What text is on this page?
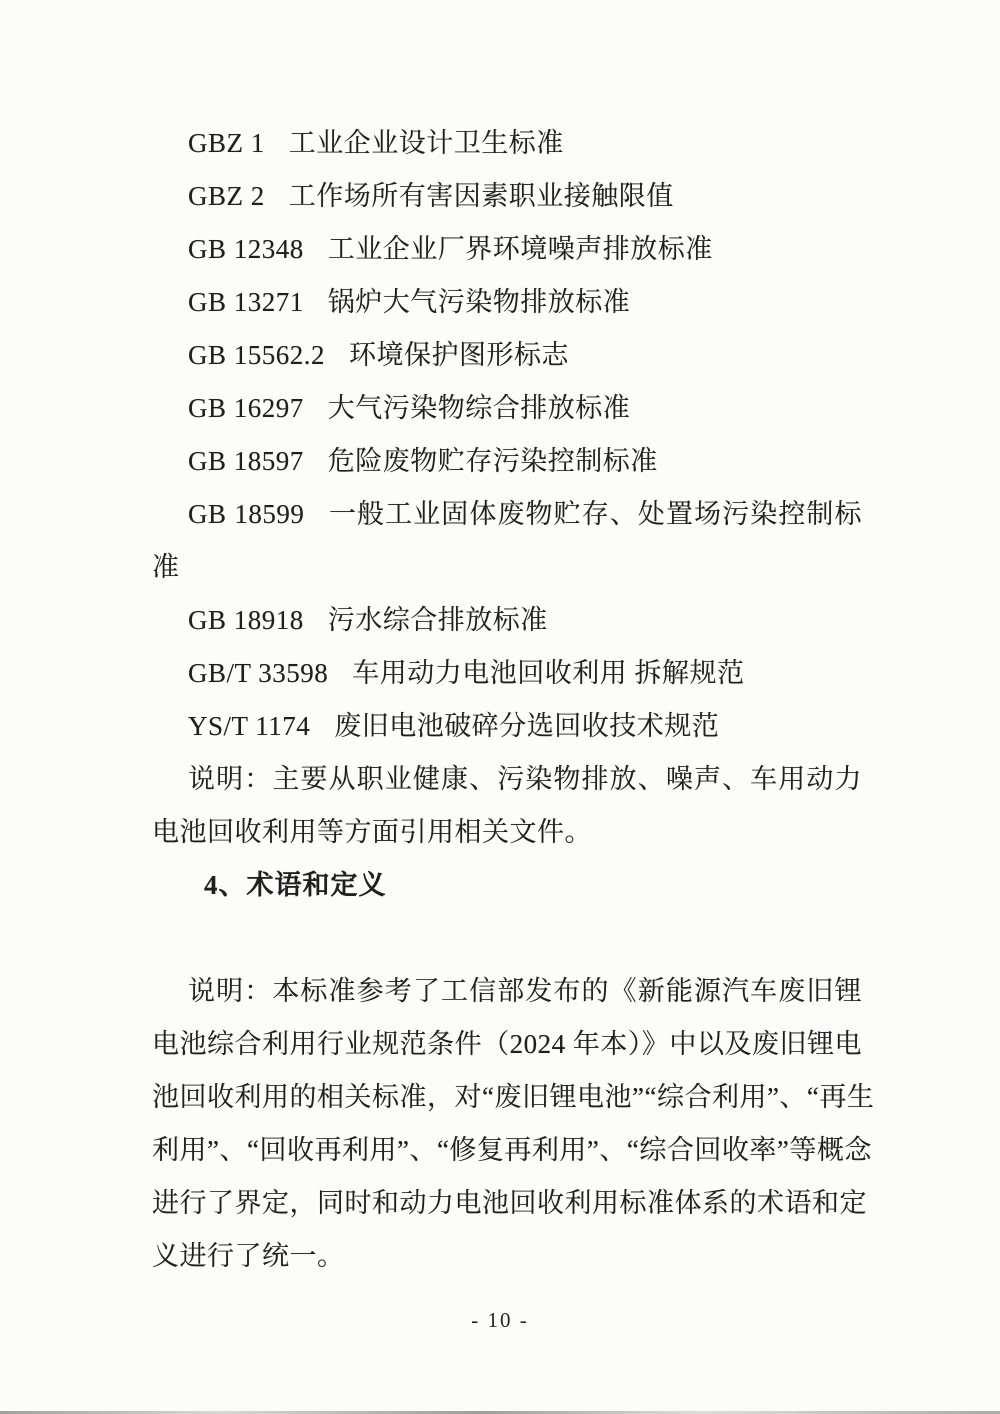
GBZ 1 工业企业设计卫生标准
GBZ 2 工作场所有害因素职业接触限值
GB 12348 工业企业厂界环境噪声排放标准
GB 13271 锅炉大气污染物排放标准
GB 15562.2 环境保护图形标志
GB 16297 大气污染物综合排放标准
GB 18597 危险废物贮存污染控制标准
GB 18599 一般工业固体废物贮存、处置场污染控制标
准
GB 18918 污水综合排放标准
GB/T 33598 车用动力电池回收利用 拆解规范
YS/T 1174 废旧电池破碎分选回收技术规范
说明：主要从职业健康、污染物排放、噪声、车用动力
电池回收利用等方面引用相关文件。
4、术语和定义

说明：本标准参考了工信部发布的《新能源汽车废旧锂
电池综合利用行业规范条件（2024 年本）》中以及废旧锂电
池回收利用的相关标准，对“废旧锂电池”“综合利用”、“再生
利用”、“回收再利用”、“修复再利用”、“综合回收率”等概念
进行了界定，同时和动力电池回收利用标准体系的术语和定
义进行了统一。
- 10 -
